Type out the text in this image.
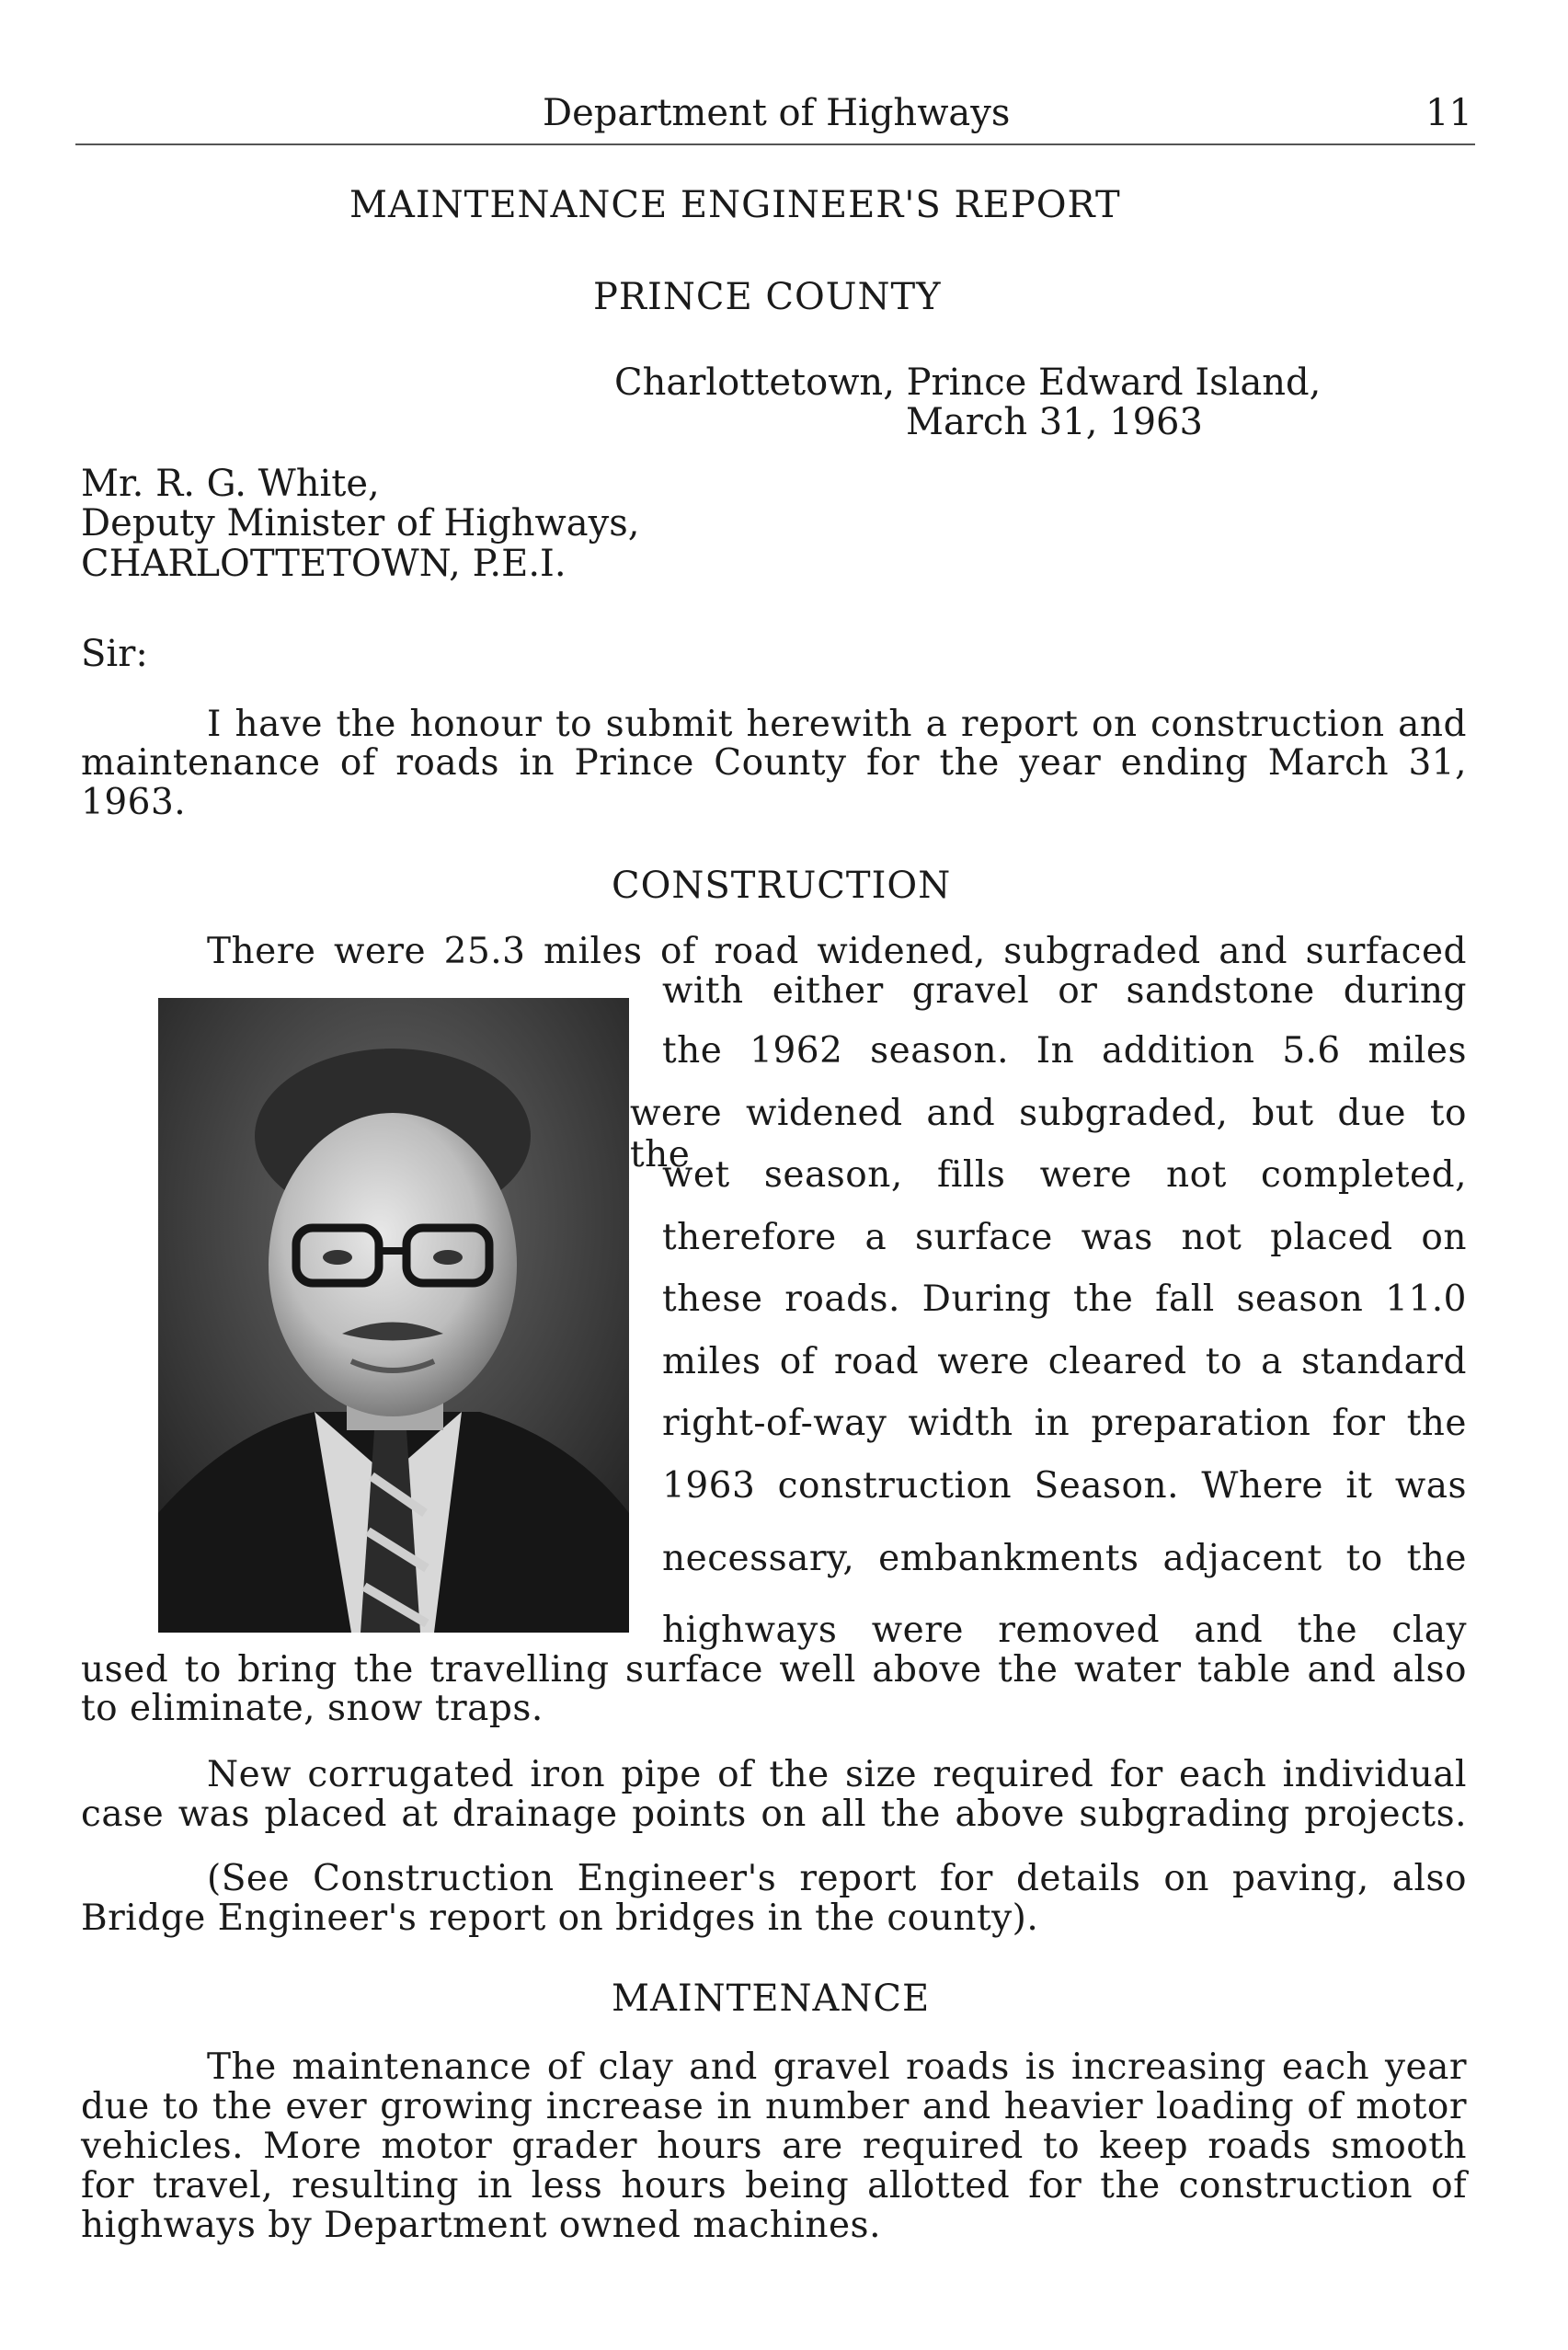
Department of Highways	11
MAINTENANCE ENGINEER'S REPORT
PRINCE COUNTY
Charlottetown, Prince Edward Island,
March 31, 1963
Mr. R. G. White,
Deputy Minister of Highways,
CHARLOTTETOWN, P.E.I.
Sir:
I have the honour to submit herewith a report on construction and
maintenance of roads in Prince County for the year ending March 31,
1963.
CONSTRUCTION
There were 25.3 miles of road widened, subgraded and surfaced
with either gravel or sandstone during
the 1962 season. In addition 5.6 miles
were widened and subgraded, but due to the
wet season, fills were not completed,
therefore a surface was not placed on
these roads. During the fall season 11.0
miles of road were cleared to a standard
right-of-way width in preparation for the
1963 construction Season. Where it was
necessary, embankments adjacent to the
highways were removed and the clay
used to bring the travelling surface well above the water table and also
to eliminate, snow traps.
New corrugated iron pipe of the size required for each individual
case was placed at drainage points on all the above subgrading projects.
(See Construction Engineer's report for details on paving, also
Bridge Engineer's report on bridges in the county).
MAINTENANCE
The maintenance of clay and gravel roads is increasing each year
due to the ever growing increase in number and heavier loading of motor
vehicles. More motor grader hours are required to keep roads smooth
for travel, resulting in less hours being allotted for the construction of
highways by Department owned machines.
